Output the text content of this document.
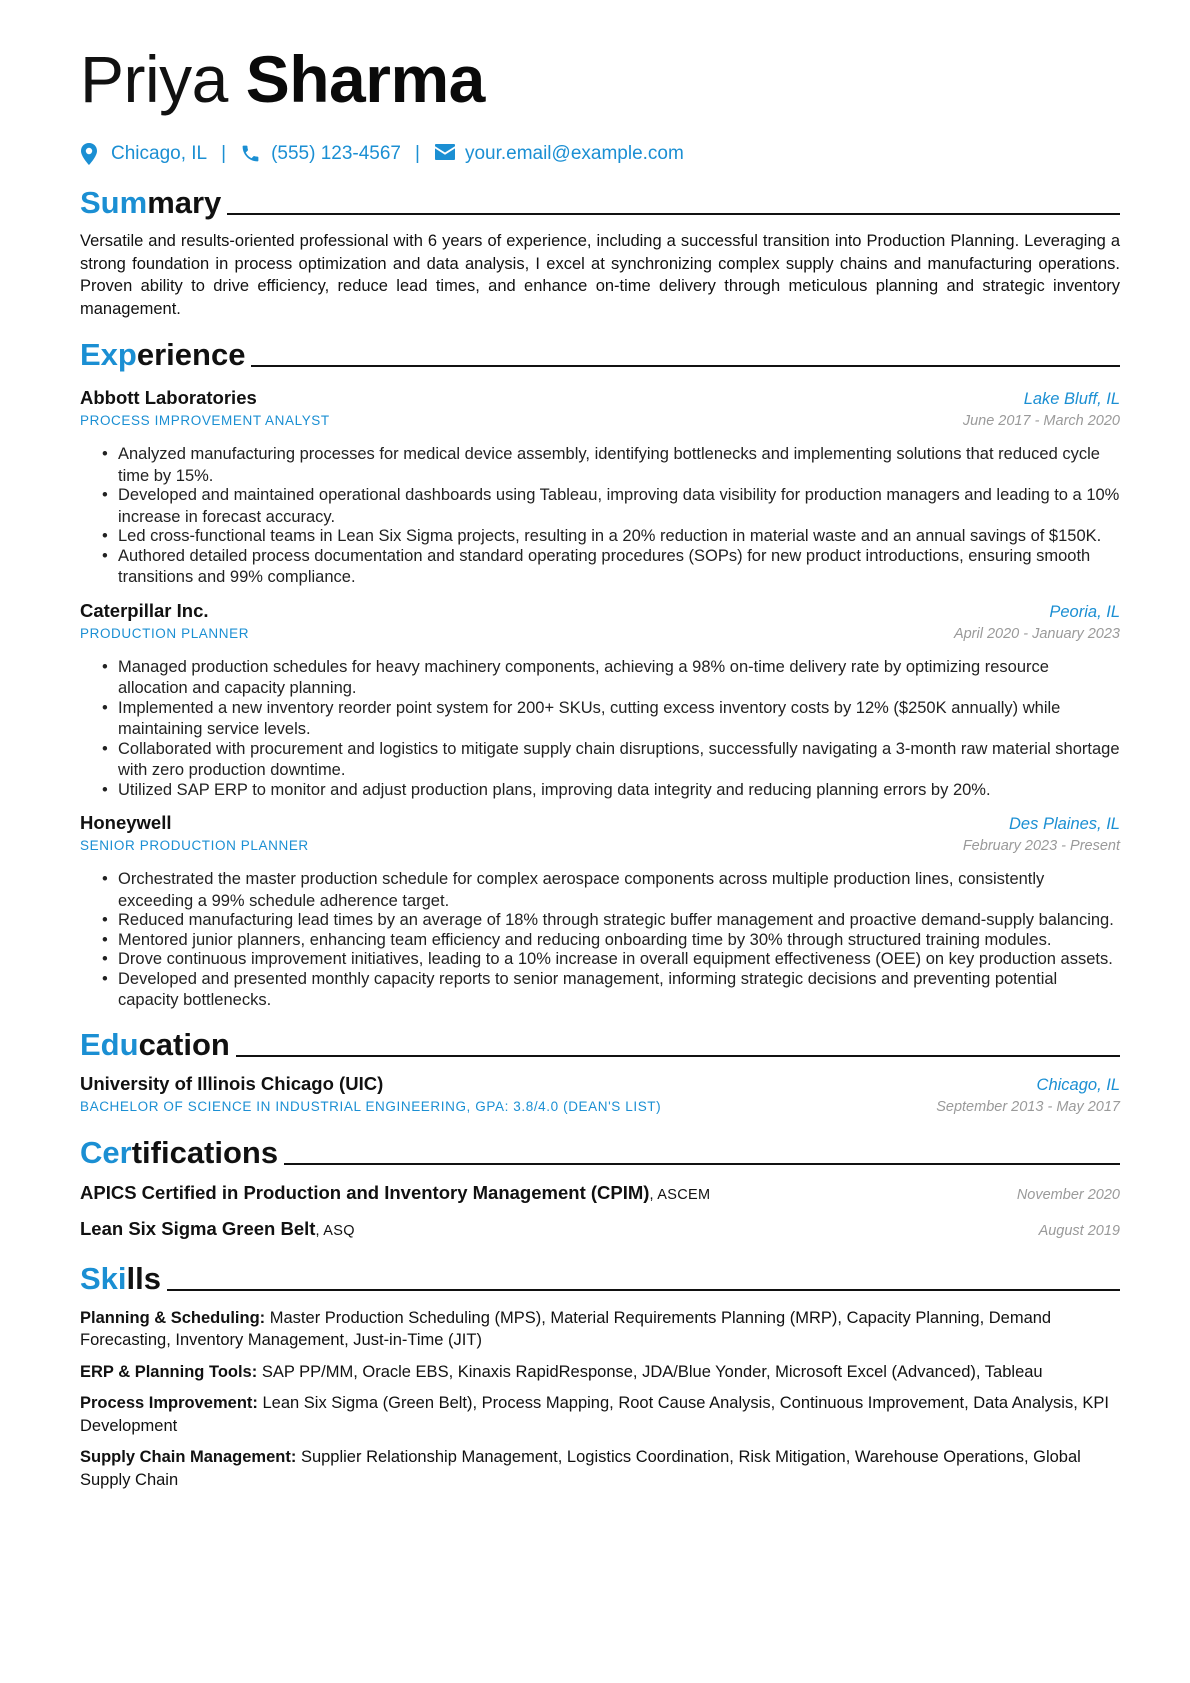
Priya Sharma
Chicago, IL | (555) 123-4567 | your.email@example.com
Summary
Versatile and results-oriented professional with 6 years of experience, including a successful transition into Production Planning. Leveraging a strong foundation in process optimization and data analysis, I excel at synchronizing complex supply chains and manufacturing operations. Proven ability to drive efficiency, reduce lead times, and enhance on-time delivery through meticulous planning and strategic inventory management.
Experience
Abbott Laboratories	Lake Bluff, IL
PROCESS IMPROVEMENT ANALYST	June 2017 - March 2020
• Analyzed manufacturing processes for medical device assembly, identifying bottlenecks and implementing solutions that reduced cycle time by 15%.
• Developed and maintained operational dashboards using Tableau, improving data visibility for production managers and leading to a 10% increase in forecast accuracy.
• Led cross-functional teams in Lean Six Sigma projects, resulting in a 20% reduction in material waste and an annual savings of $150K.
• Authored detailed process documentation and standard operating procedures (SOPs) for new product introductions, ensuring smooth transitions and 99% compliance.
Caterpillar Inc.	Peoria, IL
PRODUCTION PLANNER	April 2020 - January 2023
• Managed production schedules for heavy machinery components, achieving a 98% on-time delivery rate by optimizing resource allocation and capacity planning.
• Implemented a new inventory reorder point system for 200+ SKUs, cutting excess inventory costs by 12% ($250K annually) while maintaining service levels.
• Collaborated with procurement and logistics to mitigate supply chain disruptions, successfully navigating a 3-month raw material shortage with zero production downtime.
• Utilized SAP ERP to monitor and adjust production plans, improving data integrity and reducing planning errors by 20%.
Honeywell	Des Plaines, IL
SENIOR PRODUCTION PLANNER	February 2023 - Present
• Orchestrated the master production schedule for complex aerospace components across multiple production lines, consistently exceeding a 99% schedule adherence target.
• Reduced manufacturing lead times by an average of 18% through strategic buffer management and proactive demand-supply balancing.
• Mentored junior planners, enhancing team efficiency and reducing onboarding time by 30% through structured training modules.
• Drove continuous improvement initiatives, leading to a 10% increase in overall equipment effectiveness (OEE) on key production assets.
• Developed and presented monthly capacity reports to senior management, informing strategic decisions and preventing potential capacity bottlenecks.
Education
University of Illinois Chicago (UIC)	Chicago, IL
BACHELOR OF SCIENCE IN INDUSTRIAL ENGINEERING, GPA: 3.8/4.0 (DEAN'S LIST)	September 2013 - May 2017
Certifications
APICS Certified in Production and Inventory Management (CPIM), ASCEM	November 2020
Lean Six Sigma Green Belt, ASQ	August 2019
Skills
Planning & Scheduling: Master Production Scheduling (MPS), Material Requirements Planning (MRP), Capacity Planning, Demand Forecasting, Inventory Management, Just-in-Time (JIT)
ERP & Planning Tools: SAP PP/MM, Oracle EBS, Kinaxis RapidResponse, JDA/Blue Yonder, Microsoft Excel (Advanced), Tableau
Process Improvement: Lean Six Sigma (Green Belt), Process Mapping, Root Cause Analysis, Continuous Improvement, Data Analysis, KPI Development
Supply Chain Management: Supplier Relationship Management, Logistics Coordination, Risk Mitigation, Warehouse Operations, Global Supply Chain
